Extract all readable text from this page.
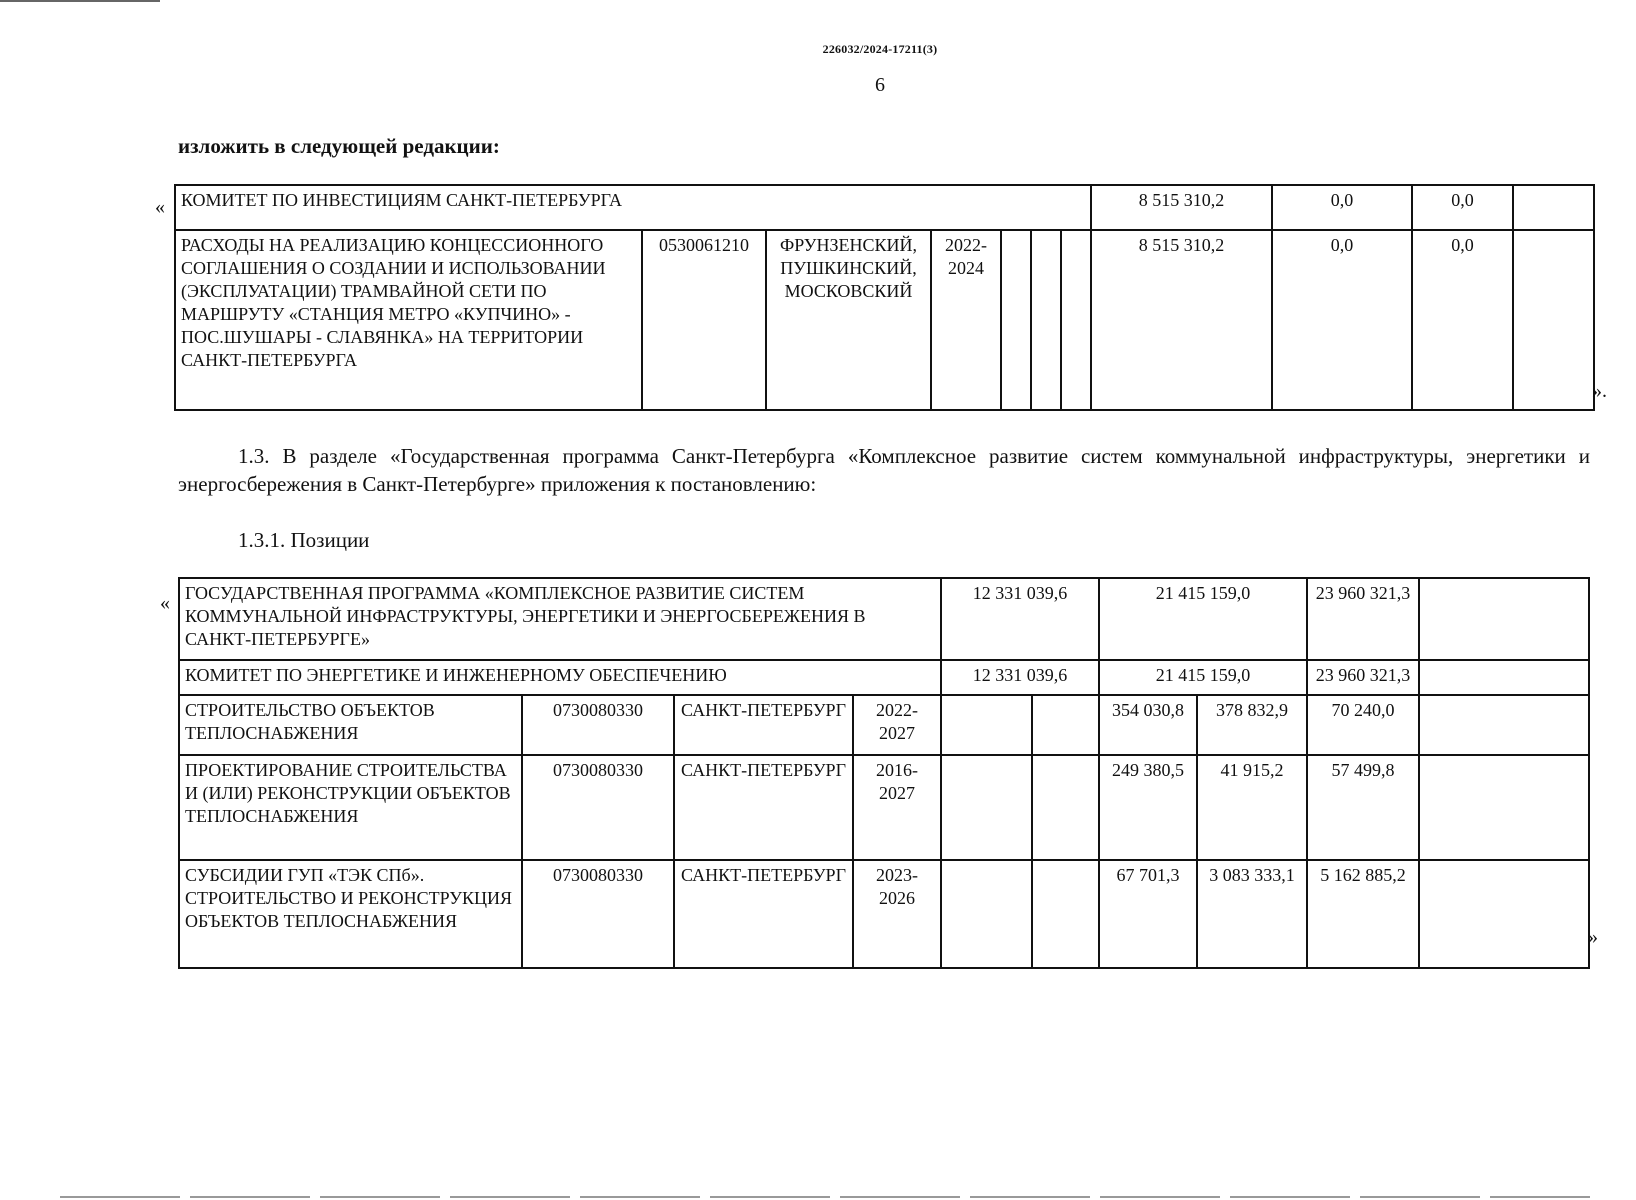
226032/2024-17211(3)
6
изложить в следующей редакции:
« КОМИТЕТ ПО ИНВЕСТИЦИЯМ САНКТ-ПЕТЕРБУРГА							8 515 310,2	0,0	0,0	
РАСХОДЫ НА РЕАЛИЗАЦИЮ КОНЦЕССИОННОГО СОГЛАШЕНИЯ О СОЗДАНИИ И ИСПОЛЬЗОВАНИИ (ЭКСПЛУАТАЦИИ) ТРАМВАЙНОЙ СЕТИ ПО МАРШРУТУ «СТАНЦИЯ МЕТРО «КУПЧИНО» - ПОС.ШУШАРЫ - СЛАВЯНКА» НА ТЕРРИТОРИИ САНКТ-ПЕТЕРБУРГА	0530061210	ФРУНЗЕНСКИЙ, ПУШКИНСКИЙ, МОСКОВСКИЙ	2022-2024				8 515 310,2	0,0	0,0	
».
1.3. В разделе «Государственная программа Санкт-Петербурга «Комплексное развитие систем коммунальной инфраструктуры, энергетики и энергосбережения в Санкт-Петербурге» приложения к постановлению:
1.3.1. Позиции
« ГОСУДАРСТВЕННАЯ ПРОГРАММА «КОМПЛЕКСНОЕ РАЗВИТИЕ СИСТЕМ КОММУНАЛЬНОЙ ИНФРАСТРУКТУРЫ, ЭНЕРГЕТИКИ И ЭНЕРГОСБЕРЕЖЕНИЯ В САНКТ-ПЕТЕРБУРГЕ»				12 331 039,6		21 415 159,0		23 960 321,3	
КОМИТЕТ ПО ЭНЕРГЕТИКЕ И ИНЖЕНЕРНОМУ ОБЕСПЕЧЕНИЮ				12 331 039,6		21 415 159,0		23 960 321,3	
СТРОИТЕЛЬСТВО ОБЪЕКТОВ ТЕПЛОСНАБЖЕНИЯ	0730080330	САНКТ-ПЕТЕРБУРГ	2022-2027			354 030,8	378 832,9	70 240,0	
ПРОЕКТИРОВАНИЕ СТРОИТЕЛЬСТВА И (ИЛИ) РЕКОНСТРУКЦИИ ОБЪЕКТОВ ТЕПЛОСНАБЖЕНИЯ	0730080330	САНКТ-ПЕТЕРБУРГ	2016-2027			249 380,5	41 915,2	57 499,8	
СУБСИДИИ ГУП «ТЭК СПб». СТРОИТЕЛЬСТВО И РЕКОНСТРУКЦИЯ ОБЪЕКТОВ ТЕПЛОСНАБЖЕНИЯ	0730080330	САНКТ-ПЕТЕРБУРГ	2023-2026			67 701,3	3 083 333,1	5 162 885,2	
»
